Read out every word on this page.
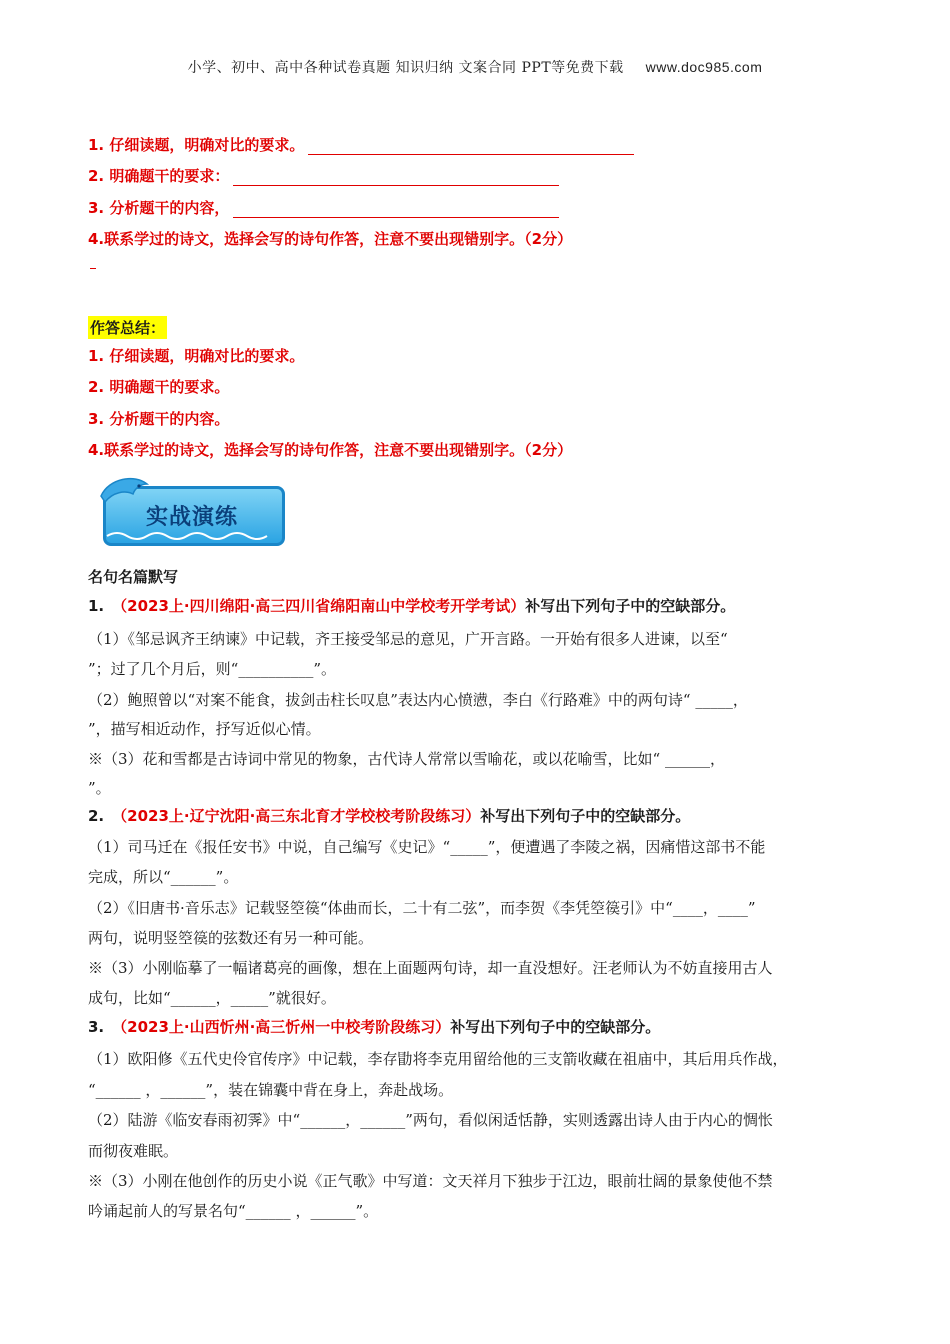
小学、初中、高中各种试卷真题 知识归纳 文案合同 PPT等免费下载 www.doc985.com
1. 仔细读题，明确对比的要求。
2. 明确题干的要求：
3. 分析题干的内容，
4.联系学过的诗文，选择会写的诗句作答，注意不要出现错别字。（2分）
作答总结：
1. 仔细读题，明确对比的要求。
2. 明确题干的要求。
3. 分析题干的内容。
4.联系学过的诗文，选择会写的诗句作答，注意不要出现错别字。（2分）
实战演练
名句名篇默写
1. （2023上·四川绵阳·高三四川省绵阳南山中学校考开学考试）补写出下列句子中的空缺部分。
（1）《邹忌讽齐王纳谏》中记载，齐王接受邹忌的意见，广开言路。一开始有很多人进谏，以至“
”；过了几个月后，则“__________”。
（2）鲍照曾以“对案不能食，拔剑击柱长叹息”表达内心愤懑，李白《行路难》中的两句诗“ _____，
”，描写相近动作，抒写近似心情。
※（3）花和雪都是古诗词中常见的物象，古代诗人常常以雪喻花，或以花喻雪，比如“ ______，
”。
2. （2023上·辽宁沈阳·高三东北育才学校校考阶段练习）补写出下列句子中的空缺部分。
（1）司马迁在《报任安书》中说，自己编写《史记》“_____”，便遭遇了李陵之祸，因痛惜这部书不能
完成，所以“______”。
（2）《旧唐书·音乐志》记载竖箜篌“体曲而长，二十有二弦”，而李贺《李凭箜篌引》中“____，____”
两句，说明竖箜篌的弦数还有另一种可能。
※（3）小刚临摹了一幅诸葛亮的画像，想在上面题两句诗，却一直没想好。汪老师认为不妨直接用古人
成句，比如“______，_____”就很好。
3. （2023上·山西忻州·高三忻州一中校考阶段练习）补写出下列句子中的空缺部分。
（1）欧阳修《五代史伶官传序》中记载，李存勖将李克用留给他的三支箭收藏在祖庙中，其后用兵作战，
“______ ，______”，装在锦囊中背在身上，奔赴战场。
（2）陆游《临安春雨初霁》中“______，______”两句，看似闲适恬静，实则透露出诗人由于内心的惆怅
而彻夜难眠。
※（3）小刚在他创作的历史小说《正气歌》中写道：文天祥月下独步于江边，眼前壮阔的景象使他不禁
吟诵起前人的写景名句“______ ，______”。
